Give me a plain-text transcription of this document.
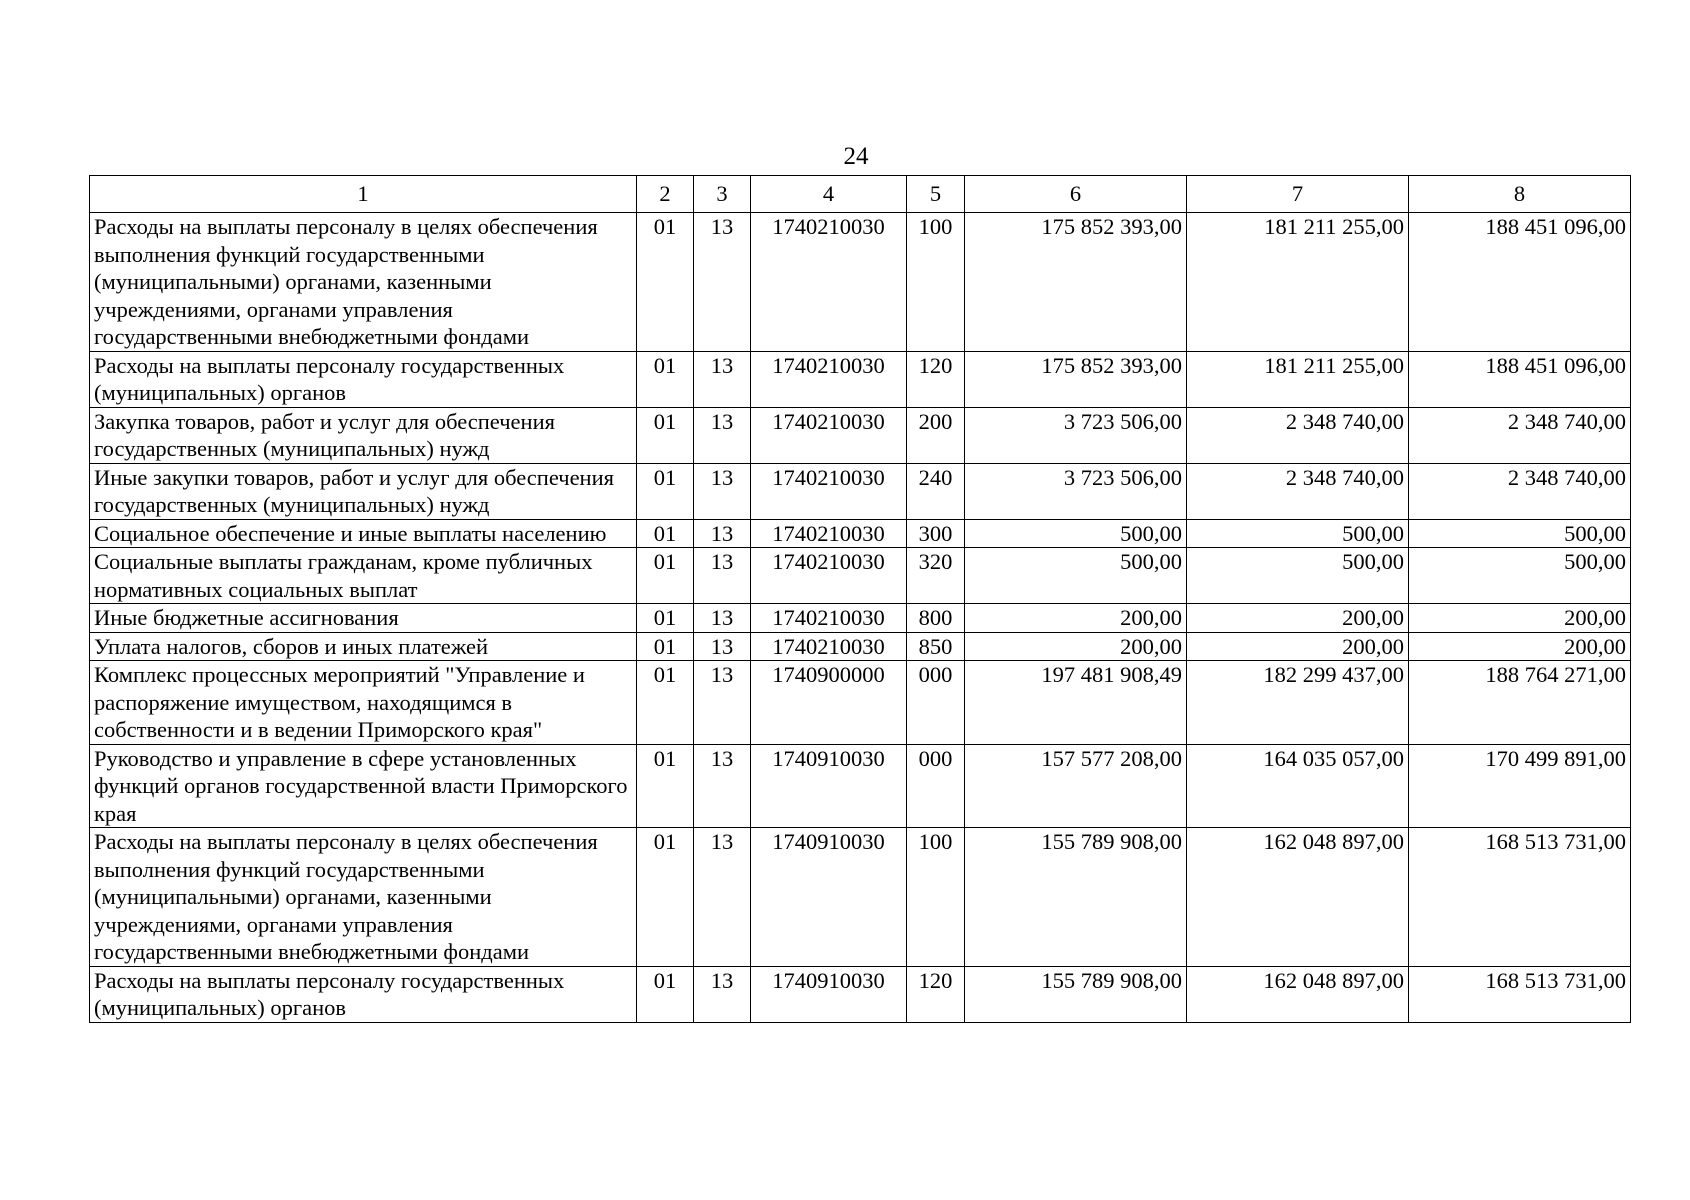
24
1	2	3	4	5	6	7	8
Расходы на выплаты персоналу в целях обеспечения выполнения функций государственными (муниципальными) органами, казенными учреждениями, органами управления государственными внебюджетными фондами	01	13	1740210030	100	175 852 393,00	181 211 255,00	188 451 096,00
Расходы на выплаты персоналу государственных (муниципальных) органов	01	13	1740210030	120	175 852 393,00	181 211 255,00	188 451 096,00
Закупка товаров, работ и услуг для обеспечения государственных (муниципальных) нужд	01	13	1740210030	200	3 723 506,00	2 348 740,00	2 348 740,00
Иные закупки товаров, работ и услуг для обеспечения государственных (муниципальных) нужд	01	13	1740210030	240	3 723 506,00	2 348 740,00	2 348 740,00
Социальное обеспечение и иные выплаты населению	01	13	1740210030	300	500,00	500,00	500,00
Социальные выплаты гражданам, кроме публичных нормативных социальных выплат	01	13	1740210030	320	500,00	500,00	500,00
Иные бюджетные ассигнования	01	13	1740210030	800	200,00	200,00	200,00
Уплата налогов, сборов и иных платежей	01	13	1740210030	850	200,00	200,00	200,00
Комплекс процессных мероприятий "Управление и распоряжение имуществом, находящимся в собственности и в ведении Приморского края"	01	13	1740900000	000	197 481 908,49	182 299 437,00	188 764 271,00
Руководство и управление в сфере установленных функций органов государственной власти Приморского края	01	13	1740910030	000	157 577 208,00	164 035 057,00	170 499 891,00
Расходы на выплаты персоналу в целях обеспечения выполнения функций государственными (муниципальными) органами, казенными учреждениями, органами управления государственными внебюджетными фондами	01	13	1740910030	100	155 789 908,00	162 048 897,00	168 513 731,00
Расходы на выплаты персоналу государственных (муниципальных) органов	01	13	1740910030	120	155 789 908,00	162 048 897,00	168 513 731,00
